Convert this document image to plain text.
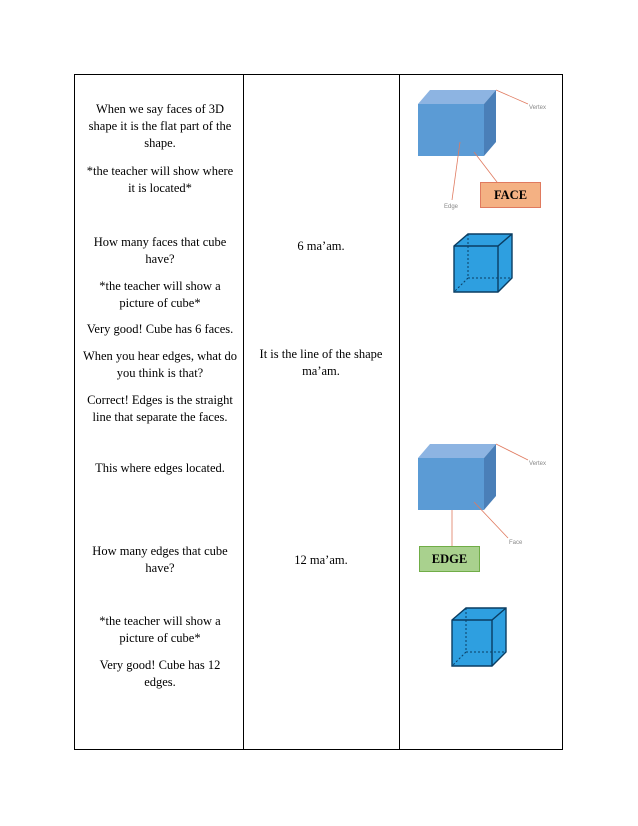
When we say faces of 3D shape it is the flat part of the shape.
*the teacher will show where it is located*
How many faces that cube have?
*the teacher will show a picture of cube*
Very good! Cube has 6 faces.
When you hear edges, what do you think is that?
Correct! Edges is the straight line that separate the faces.
This where edges located.
How many edges that cube have?
*the teacher will show a picture of cube*
Very good! Cube has 12 edges.
6 ma’am.
It is the line of the shape ma’am.
12 ma’am.
Vertex
Edge
FACE
Vertex
Face
EDGE
